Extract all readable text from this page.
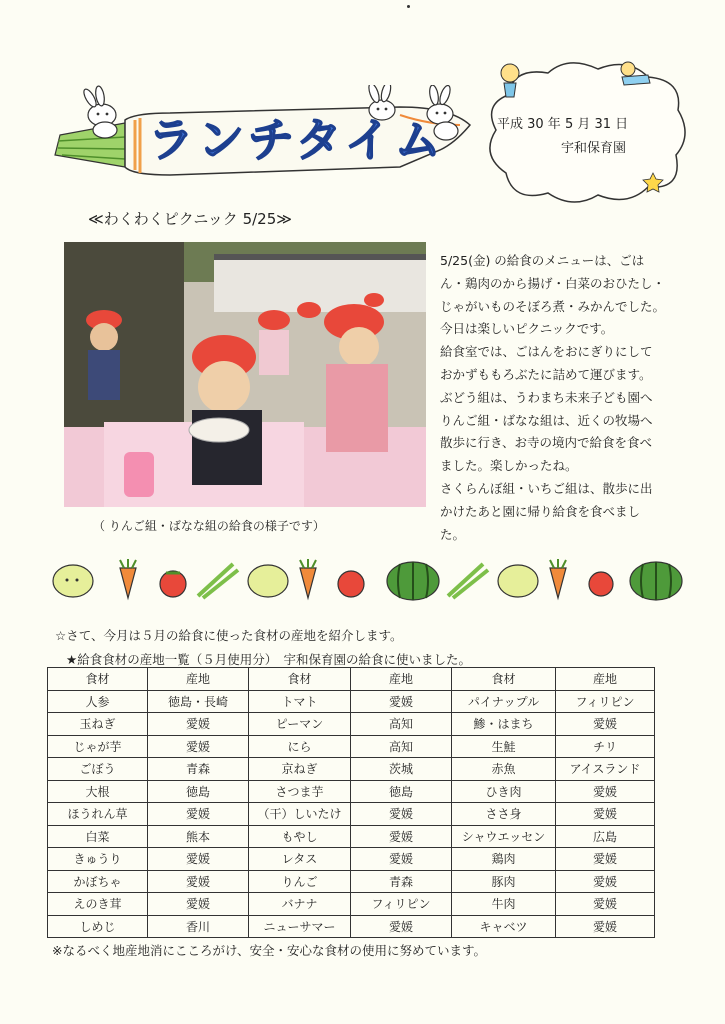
ランチタイム	平成 30 年 5 月 31 日
宇和保育園
≪わくわくピクニック 5/25≫
（ りんご組・ばなな組の給食の様子です）
5/25(金) の給食のメニューは、ごは
ん・鶏肉のから揚げ・白菜のおひたし・
じゃがいものそぼろ煮・みかんでした。
今日は楽しいピクニックです。
給食室では、ごはんをおにぎりにして
おかずももろぶたに詰めて運びます。
ぶどう組は、うわまち未来子ども園へ
りんご組・ばなな組は、近くの牧場へ
散歩に行き、お寺の境内で給食を食べ
ました。楽しかったね。
さくらんぼ組・いちご組は、散歩に出
かけたあと園に帰り給食を食べまし
た。
☆さて、今月は５月の給食に使った食材の産地を紹介します。
★給食食材の産地一覧（５月使用分）　宇和保育園の給食に使いました。
食材	産地	食材	産地	食材	産地
人参	徳島・長崎	トマト	愛媛	パイナップル	フィリピン
玉ねぎ	愛媛	ピーマン	高知	鯵・はまち	愛媛
じゃが芋	愛媛	にら	高知	生鮭	チリ
ごぼう	青森	京ねぎ	茨城	赤魚	アイスランド
大根	徳島	さつま芋	徳島	ひき肉	愛媛
ほうれん草	愛媛	（干）しいたけ	愛媛	ささ身	愛媛
白菜	熊本	もやし	愛媛	シャウエッセン	広島
きゅうり	愛媛	レタス	愛媛	鶏肉	愛媛
かぼちゃ	愛媛	りんご	青森	豚肉	愛媛
えのき茸	愛媛	バナナ	フィリピン	牛肉	愛媛
しめじ	香川	ニューサマー	愛媛	キャベツ	愛媛
※なるべく地産地消にこころがけ、安全・安心な食材の使用に努めています。
